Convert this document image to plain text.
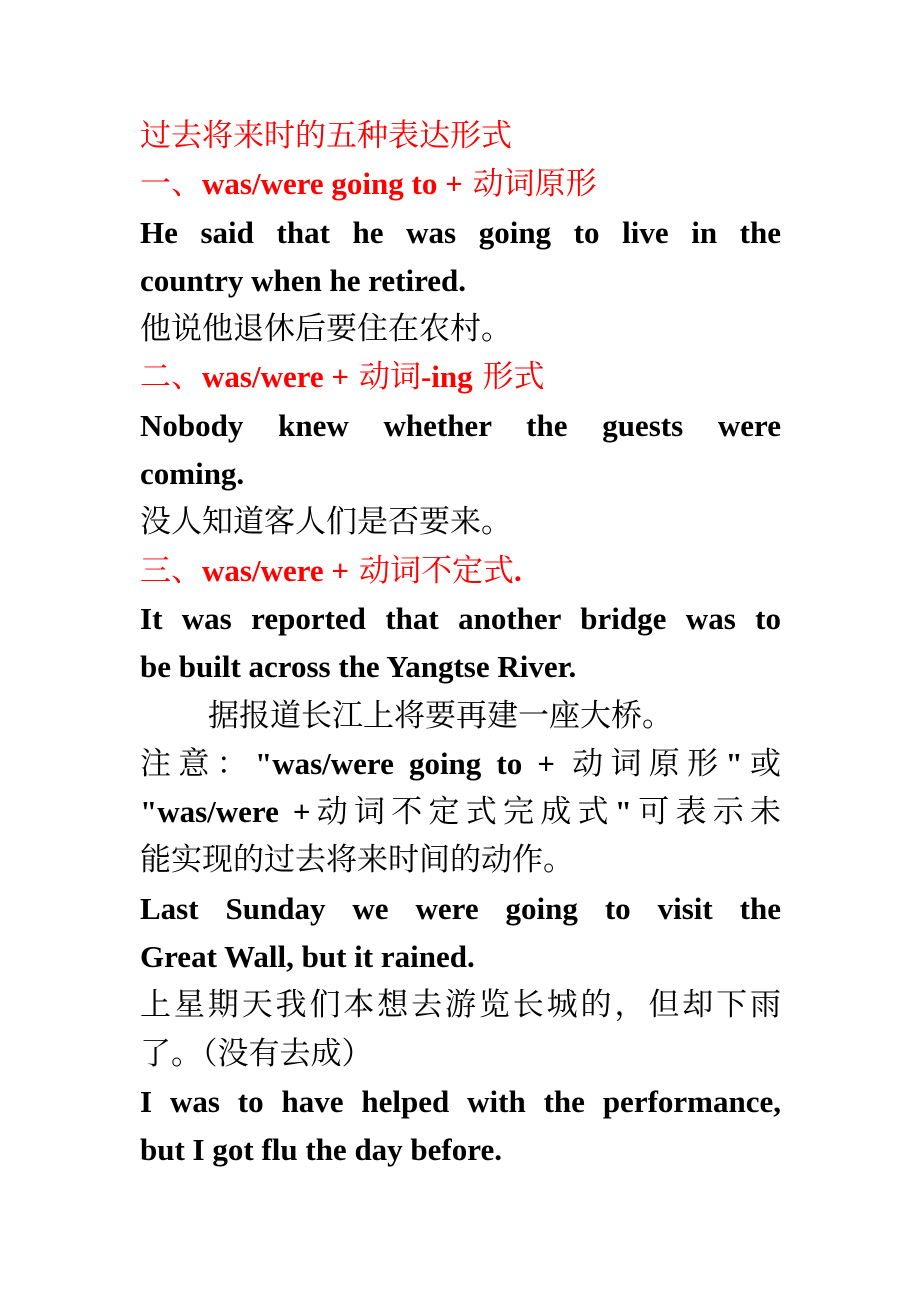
过去将来时的五种表达形式
一、was/were going to + 动词原形
He said that he was going to live in the
country when he retired.
他说他退休后要住在农村。
二、was/were + 动词-ing 形式
Nobody knew whether the guests were
coming.
没人知道客人们是否要来。
三、was/were + 动词不定式.
It was reported that another bridge was to
be built across the Yangtse River.
据报道长江上将要再建一座大桥。
注意："was/were going to + 动词原形"或
"was/were +动词不定式完成式"可表示未
能实现的过去将来时间的动作。
Last Sunday we were going to visit the
Great Wall, but it rained.
上星期天我们本想去游览长城的，但却下雨
了。（没有去成）
I was to have helped with the performance,
but I got flu the day before.
